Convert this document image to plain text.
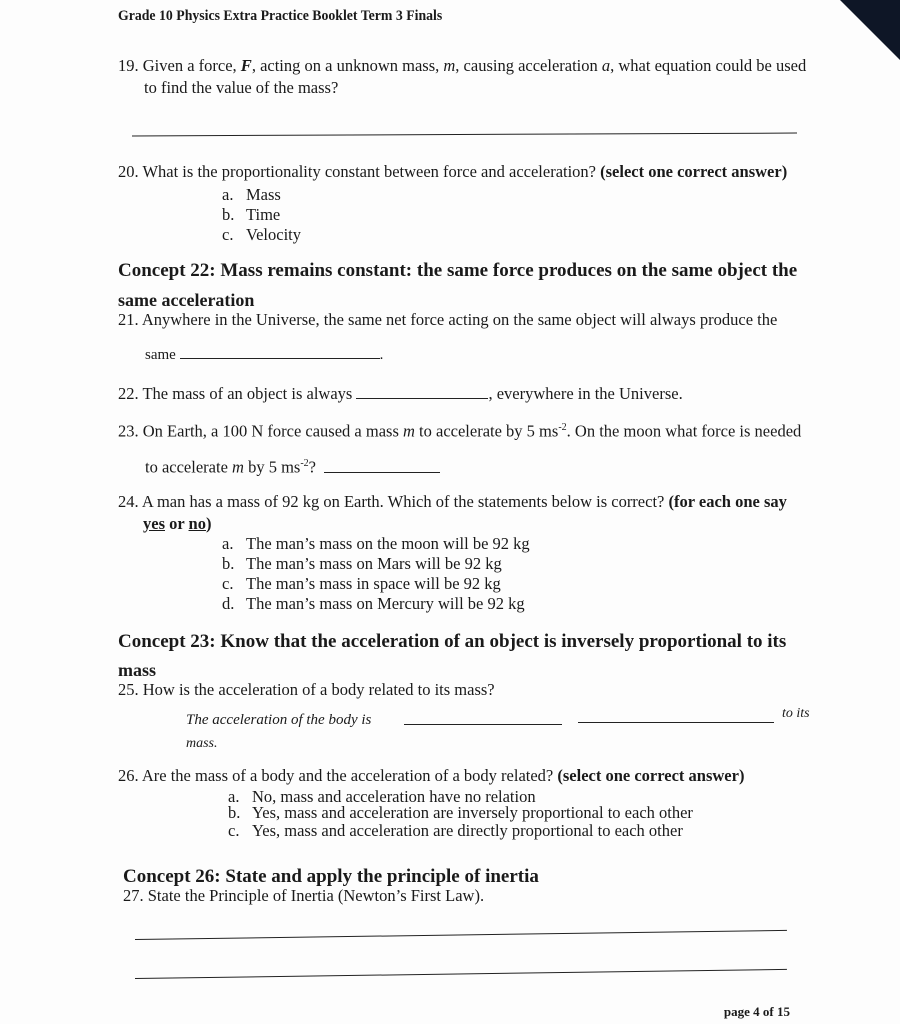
Grade 10 Physics Extra Practice Booklet Term 3 Finals
19. Given a force, F, acting on a unknown mass, m, causing acceleration a, what equation could be used
to find the value of the mass?
20. What is the proportionality constant between force and acceleration? (select one correct answer)
a. Mass
b. Time
c. Velocity
Concept 22: Mass remains constant: the same force produces on the same object the
same acceleration
21. Anywhere in the Universe, the same net force acting on the same object will always produce the
same	.
22. The mass of an object is always	, everywhere in the Universe.
23. On Earth, a 100 N force caused a mass m to accelerate by 5 $ms^{-2}$. On the moon what force is needed
to accelerate m by 5 $ms^{-2}$?
24. A man has a mass of 92 kg on Earth. Which of the statements below is correct? (for each one say
yes or no)
a. The man’s mass on the moon will be 92 kg
b. The man’s mass on Mars will be 92 kg
c. The man’s mass in space will be 92 kg
d. The man’s mass on Mercury will be 92 kg
Concept 23: Know that the acceleration of an object is inversely proportional to its
mass
25. How is the acceleration of a body related to its mass?
The acceleration of the body is	to its
mass.
26. Are the mass of a body and the acceleration of a body related? (select one correct answer)
a. No, mass and acceleration have no relation
b. Yes, mass and acceleration are inversely proportional to each other
c. Yes, mass and acceleration are directly proportional to each other
Concept 26: State and apply the principle of inertia
27. State the Principle of Inertia (Newton’s First Law).
page 4 of 15
